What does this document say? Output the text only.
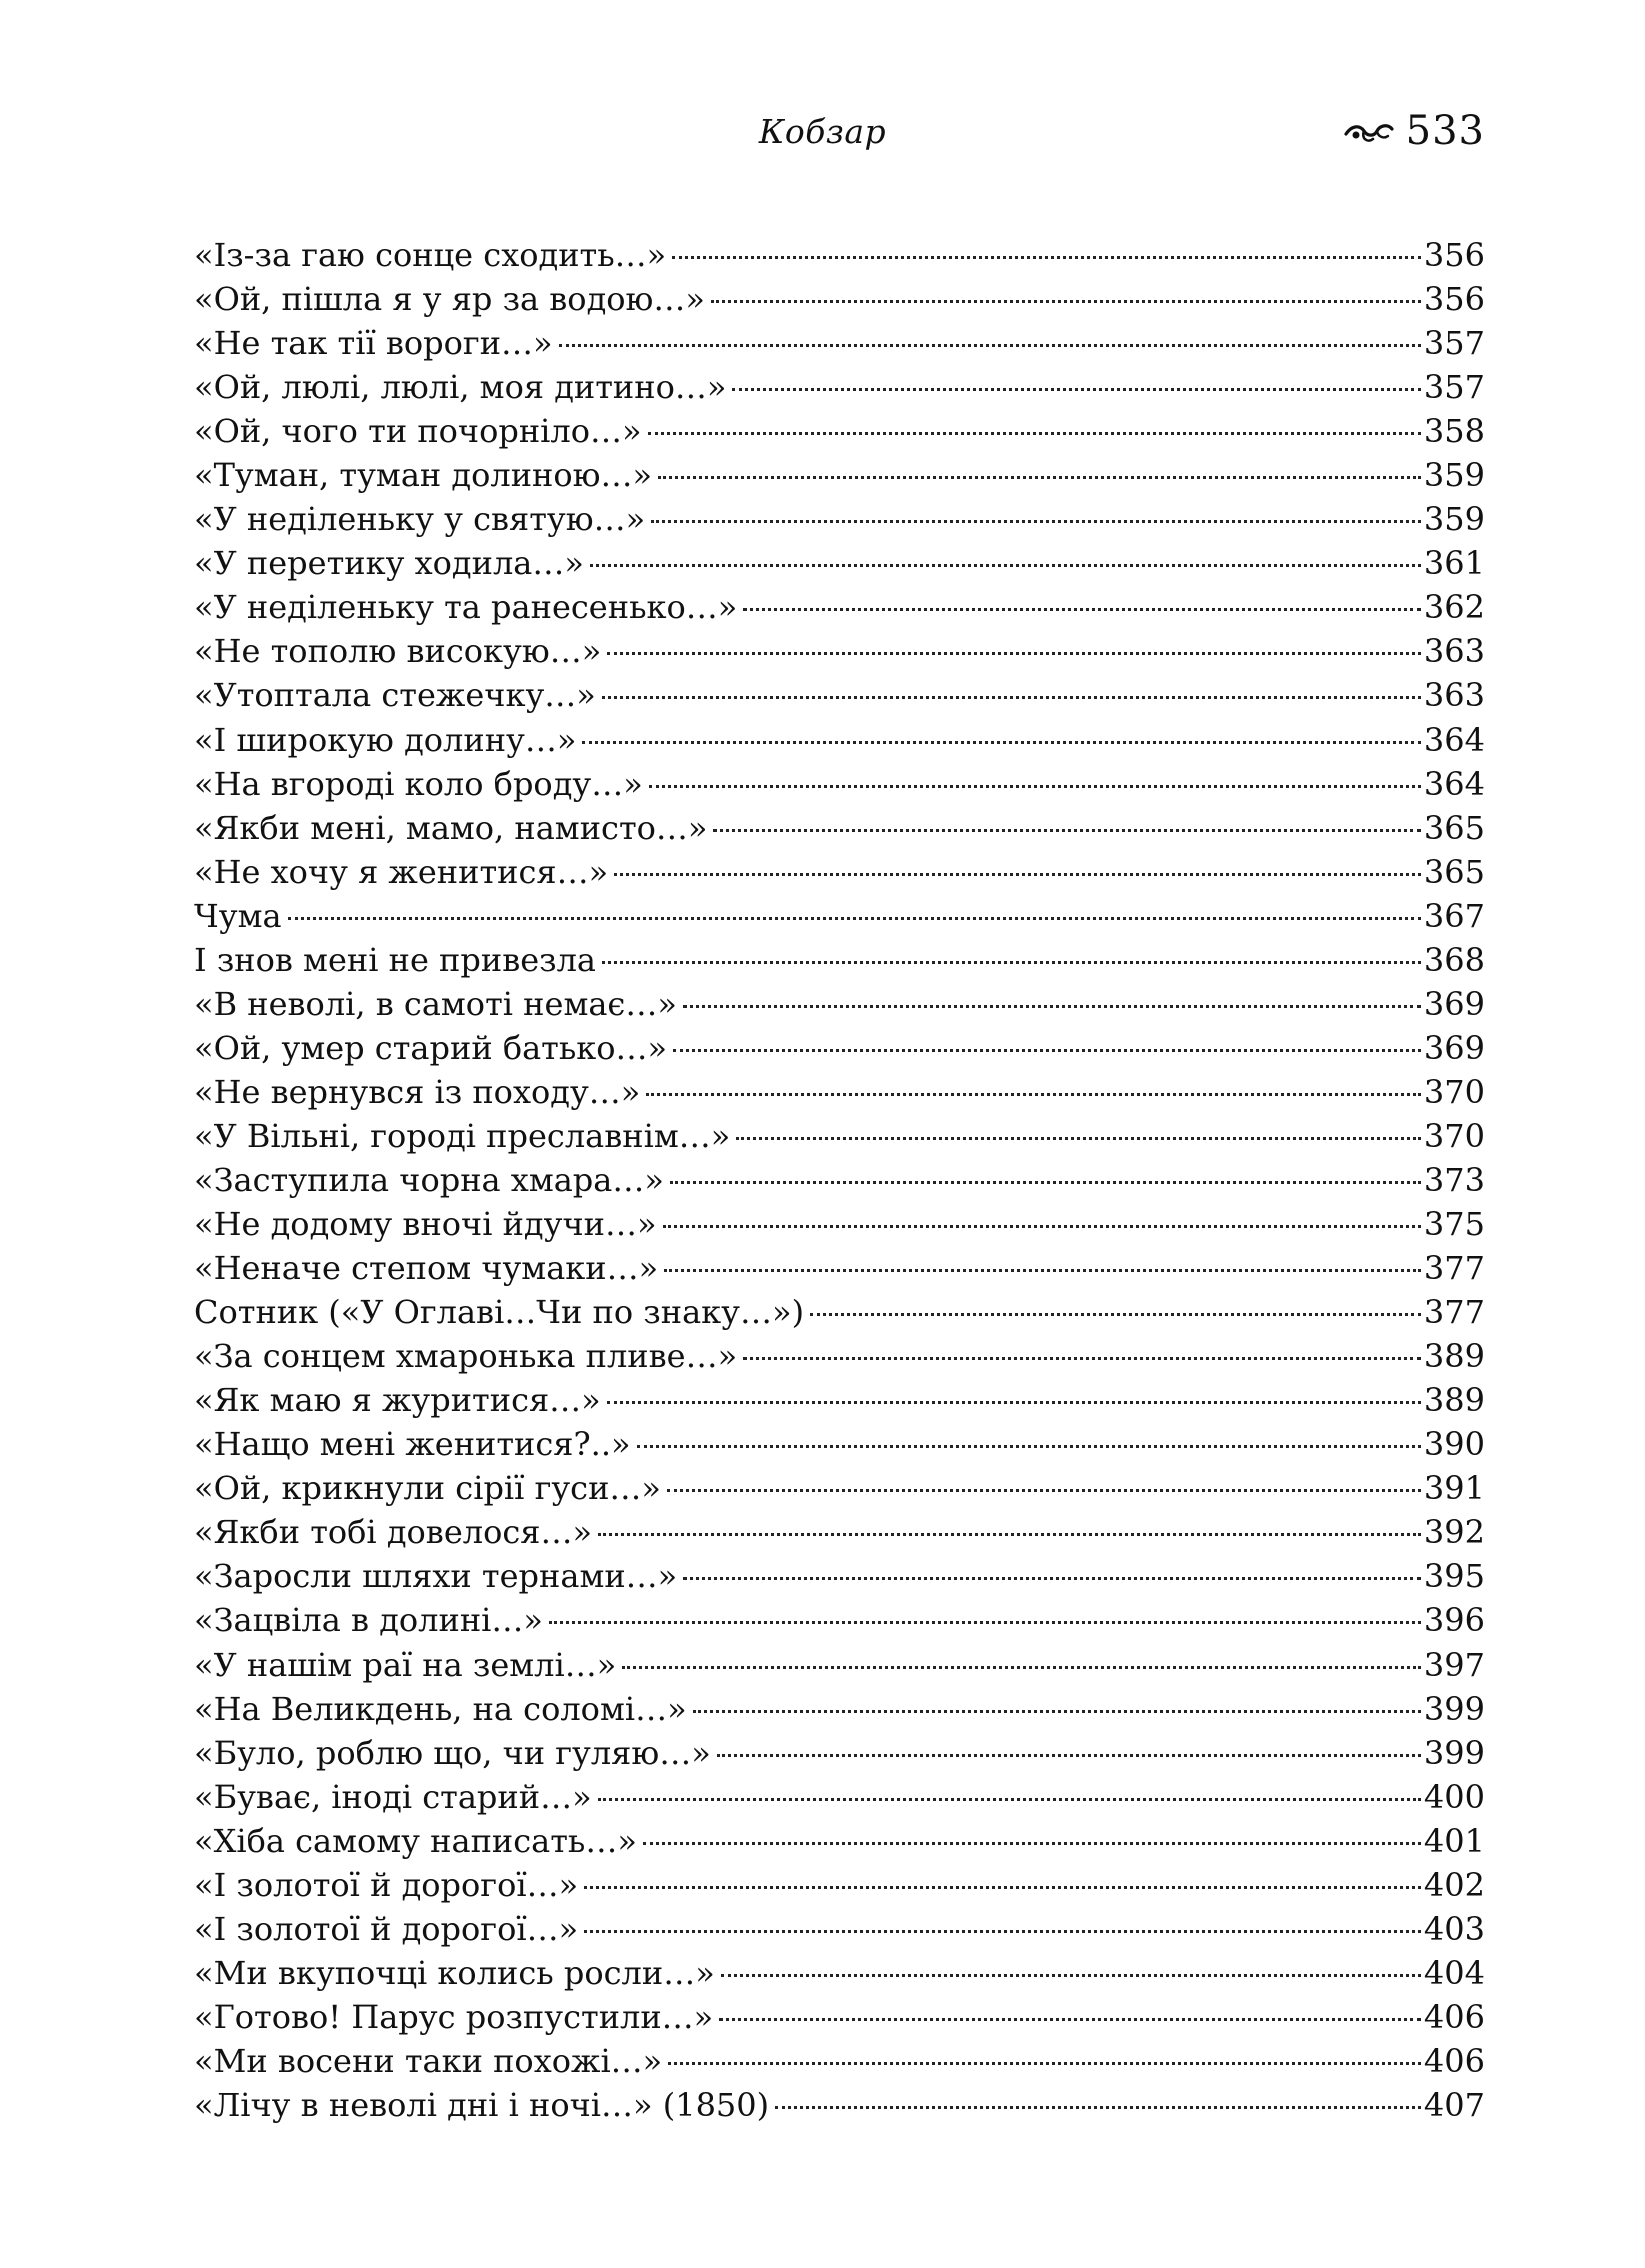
Кобзар	533
«Із-за гаю сонце сходить…»	356
«Ой, пішла я у яр за водою…»	356
«Не так тії вороги…»	357
«Ой, люлі, люлі, моя дитино…»	357
«Ой, чого ти почорніло…»	358
«Туман, туман долиною…»	359
«У неділеньку у святую…»	359
«У перетику ходила…»	361
«У неділеньку та ранесенько…»	362
«Не тополю високую…»	363
«Утоптала стежечку…»	363
«І широкую долину…»	364
«На вгороді коло броду…»	364
«Якби мені, мамо, намисто…»	365
«Не хочу я женитися…»	365
Чума	367
І знов мені не привезла	368
«В неволі, в самоті немає…»	369
«Ой, умер старий батько…»	369
«Не вернувся із походу…»	370
«У Вільні, городі преславнім…»	370
«Заступила чорна хмара…»	373
«Не додому вночі йдучи…»	375
«Неначе степом чумаки…»	377
Сотник («У Оглаві…Чи по знаку…»)	377
«За сонцем хмаронька пливе…»	389
«Як маю я журитися…»	389
«Нащо мені женитися?..»	390
«Ой, крикнули сірії гуси…»	391
«Якби тобі довелося…»	392
«Заросли шляхи тернами…»	395
«Зацвіла в долині…»	396
«У нашім раї на землі…»	397
«На Великдень, на соломі…»	399
«Було, роблю що, чи гуляю…»	399
«Буває, іноді старий…»	400
«Хіба самому написать…»	401
«І золотої й дорогої…»	402
«І золотої й дорогої…»	403
«Ми вкупочці колись росли…»	404
«Готово! Парус розпустили…»	406
«Ми восени таки похожі…»	406
«Лічу в неволі дні і ночі…» (1850)	407
